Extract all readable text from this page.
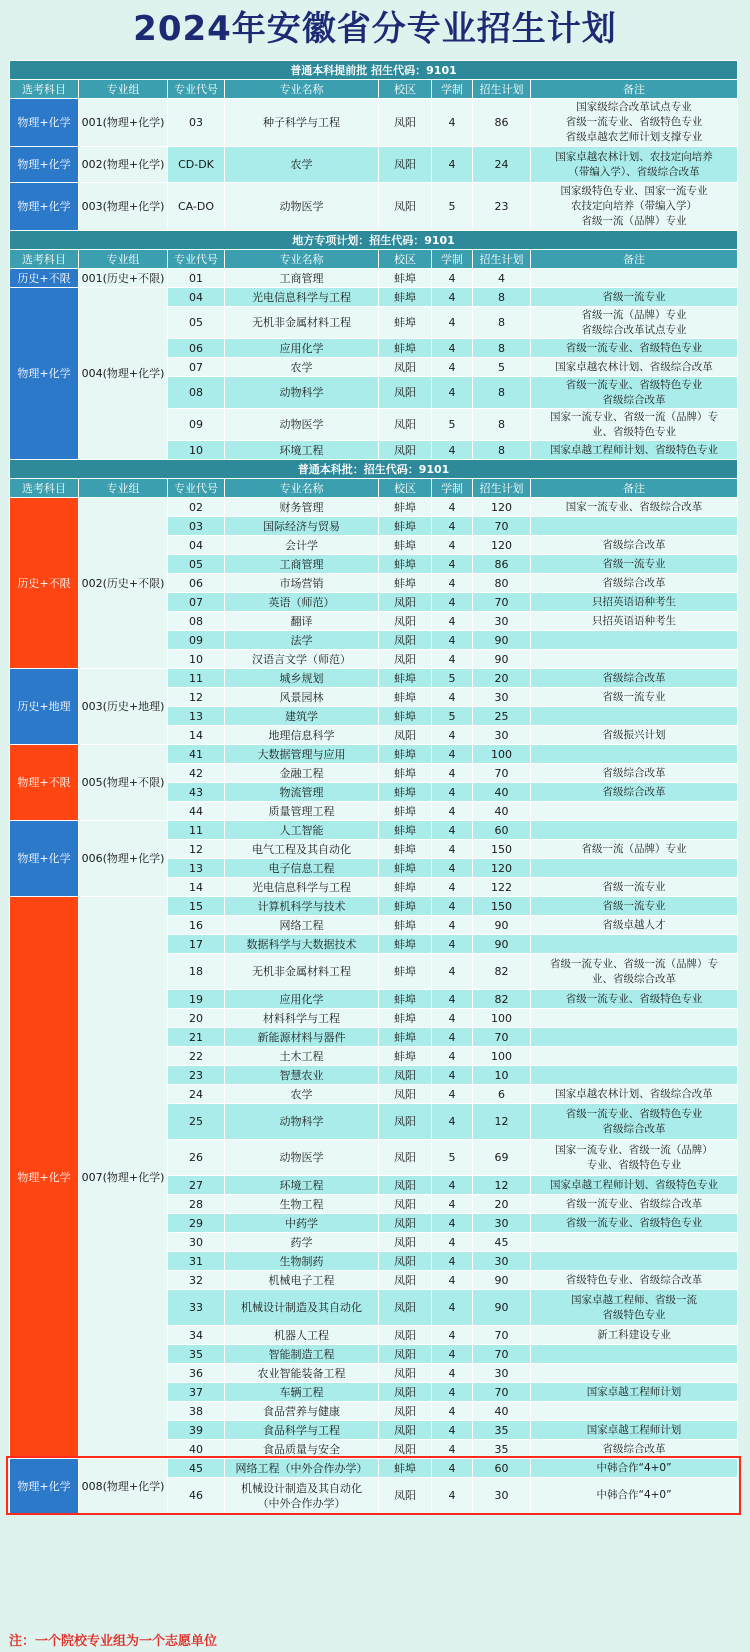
2024年安徽省分专业招生计划
普通本科提前批 招生代码：9101							
选考科目	专业组	专业代号	专业名称	校区	学制	招生计划	备注
物理+化学	001(物理+化学)	03	种子科学与工程	凤阳	4	86	国家级综合改革试点专业
省级一流专业、省级特色专业
省级卓越农艺师计划支撑专业
物理+化学	002(物理+化学)	CD-DK	农学	凤阳	4	24	国家卓越农林计划、农技定向培养
（带编入学）、省级综合改革
物理+化学	003(物理+化学)	CA-DO	动物医学	凤阳	5	23	国家级特色专业、国家一流专业
农技定向培养（带编入学）
省级一流（品牌）专业
地方专项计划：招生代码：9101							
选考科目	专业组	专业代号	专业名称	校区	学制	招生计划	备注
历史+不限	001(历史+不限)	01	工商管理	蚌埠	4	4	
物理+化学	004(物理+化学)	04	光电信息科学与工程	蚌埠	4	8	省级一流专业
		05	无机非金属材料工程	蚌埠	4	8	省级一流（品牌）专业
省级综合改革试点专业
		06	应用化学	蚌埠	4	8	省级一流专业、省级特色专业
		07	农学	凤阳	4	5	国家卓越农林计划、省级综合改革
		08	动物科学	凤阳	4	8	省级一流专业、省级特色专业
省级综合改革
		09	动物医学	凤阳	5	8	国家一流专业、省级一流（品牌）专
业、省级特色专业
		10	环境工程	凤阳	4	8	国家卓越工程师计划、省级特色专业
普通本科批：招生代码：9101							
选考科目	专业组	专业代号	专业名称	校区	学制	招生计划	备注
历史+不限	002(历史+不限)	02	财务管理	蚌埠	4	120	国家一流专业、省级综合改革
		03	国际经济与贸易	蚌埠	4	70	
		04	会计学	蚌埠	4	120	省级综合改革
		05	工商管理	蚌埠	4	86	省级一流专业
		06	市场营销	蚌埠	4	80	省级综合改革
		07	英语（师范）	凤阳	4	70	只招英语语种考生
		08	翻译	凤阳	4	30	只招英语语种考生
		09	法学	凤阳	4	90	
		10	汉语言文学（师范）	凤阳	4	90	
历史+地理	003(历史+地理)	11	城乡规划	蚌埠	5	20	省级综合改革
		12	风景园林	蚌埠	4	30	省级一流专业
		13	建筑学	蚌埠	5	25	
		14	地理信息科学	凤阳	4	30	省级振兴计划
物理+不限	005(物理+不限)	41	大数据管理与应用	蚌埠	4	100	
		42	金融工程	蚌埠	4	70	省级综合改革
		43	物流管理	蚌埠	4	40	省级综合改革
		44	质量管理工程	蚌埠	4	40	
物理+化学	006(物理+化学)	11	人工智能	蚌埠	4	60	
		12	电气工程及其自动化	蚌埠	4	150	省级一流（品牌）专业
		13	电子信息工程	蚌埠	4	120	
		14	光电信息科学与工程	蚌埠	4	122	省级一流专业
物理+化学	007(物理+化学)	15	计算机科学与技术	蚌埠	4	150	省级一流专业
		16	网络工程	蚌埠	4	90	省级卓越人才
		17	数据科学与大数据技术	蚌埠	4	90	
		18	无机非金属材料工程	蚌埠	4	82	省级一流专业、省级一流（品牌）专
业、省级综合改革
		19	应用化学	蚌埠	4	82	省级一流专业、省级特色专业
		20	材料科学与工程	蚌埠	4	100	
		21	新能源材料与器件	蚌埠	4	70	
		22	土木工程	蚌埠	4	100	
		23	智慧农业	凤阳	4	10	
		24	农学	凤阳	4	6	国家卓越农林计划、省级综合改革
		25	动物科学	凤阳	4	12	省级一流专业、省级特色专业
省级综合改革
		26	动物医学	凤阳	5	69	国家一流专业、省级一流（品牌）
专业、省级特色专业
		27	环境工程	凤阳	4	12	国家卓越工程师计划、省级特色专业
		28	生物工程	凤阳	4	20	省级一流专业、省级综合改革
		29	中药学	凤阳	4	30	省级一流专业、省级特色专业
		30	药学	凤阳	4	45	
		31	生物制药	凤阳	4	30	
		32	机械电子工程	凤阳	4	90	省级特色专业、省级综合改革
		33	机械设计制造及其自动化	凤阳	4	90	国家卓越工程师、省级一流
省级特色专业
		34	机器人工程	凤阳	4	70	新工科建设专业
		35	智能制造工程	凤阳	4	70	
		36	农业智能装备工程	凤阳	4	30	
		37	车辆工程	凤阳	4	70	国家卓越工程师计划
		38	食品营养与健康	凤阳	4	40	
		39	食品科学与工程	凤阳	4	35	国家卓越工程师计划
		40	食品质量与安全	凤阳	4	35	省级综合改革
物理+化学	008(物理+化学)	45	网络工程（中外合作办学）	蚌埠	4	60	中韩合作“4+0”
		46	机械设计制造及其自动化
（中外合作办学）	凤阳	4	30	中韩合作“4+0”
注：一个院校专业组为一个志愿单位
